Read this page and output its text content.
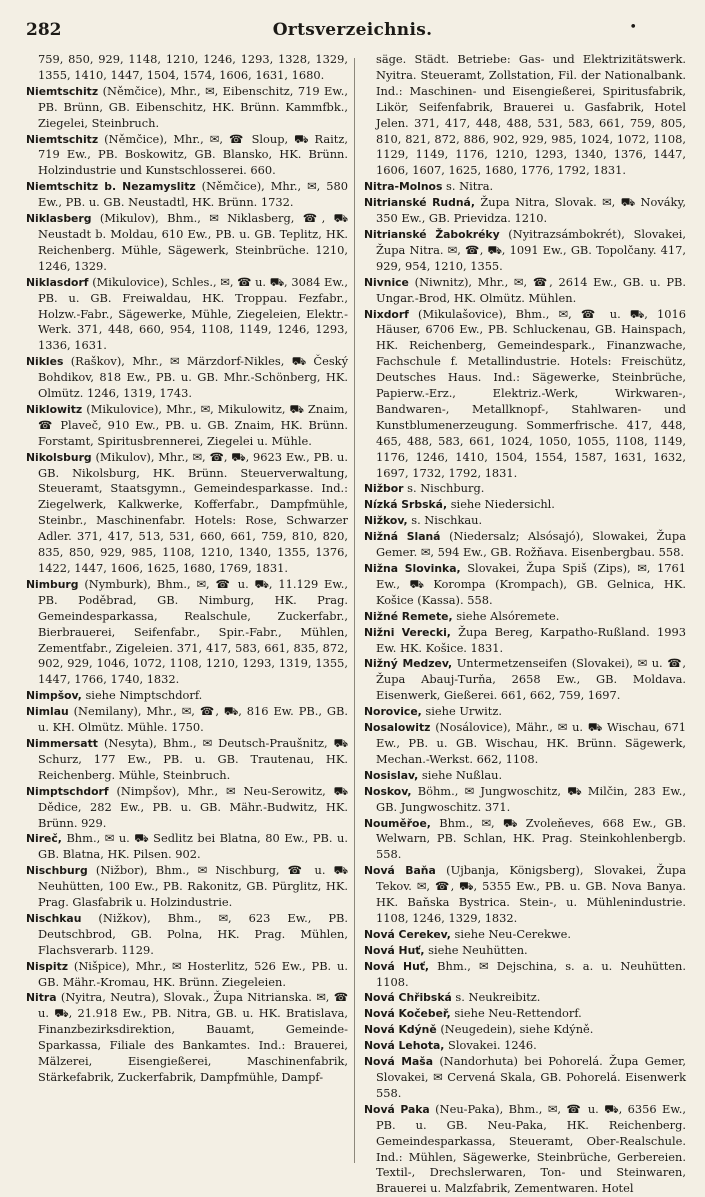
282	Ortsverzeichnis.	•

759, 850, 929, 1148, 1210, 1246, 1293, 1328, 1329, 1355, 1410, 1447, 1504, 1574, 1606, 1631, 1680.

Niemtschitz (Němčice), Mhr., ✉, Eibenschitz, 719 Ew., PB. Brünn, GB. Eibenschitz, HK. Brünn. Kammfbk., Ziegelei, Steinbruch.

Niemtschitz (Němčice), Mhr., ✉, ☎ Sloup, ⛟ Raitz, 719 Ew., PB. Boskowitz, GB. Blansko, HK. Brünn. Holzindustrie und Kunstschlosserei. 660.

Niemtschitz b. Nezamyslitz (Němčice), Mhr., ✉, 580 Ew., PB. u. GB. Neustadtl, HK. Brünn. 1732.

Niklasberg (Mikulov), Bhm., ✉ Niklasberg, ☎, ⛟ Neustadt b. Moldau, 610 Ew., PB. u. GB. Teplitz, HK. Reichenberg. Mühle, Sägewerk, Steinbrüche. 1210, 1246, 1329.

Niklasdorf (Mikulovice), Schles., ✉, ☎ u. ⛟, 3084 Ew., PB. u. GB. Freiwaldau, HK. Troppau. Fezfabr., Holzw.-Fabr., Sägewerke, Mühle, Ziegeleien, Elektr.-Werk. 371, 448, 660, 954, 1108, 1149, 1246, 1293, 1336, 1631.

Nikles (Raškov), Mhr., ✉ Märzdorf-Nikles, ⛟ Český Bohdikov, 818 Ew., PB. u. GB. Mhr.-Schönberg, HK. Olmütz. 1246, 1319, 1743.

Niklowitz (Mikulovice), Mhr., ✉, Mikulowitz, ⛟ Znaim, ☎ Plaveč, 910 Ew., PB. u. GB. Znaim, HK. Brünn. Forstamt, Spiritusbrennerei, Ziegelei u. Mühle.

Nikolsburg (Mikulov), Mhr., ✉, ☎, ⛟, 9623 Ew., PB. u. GB. Nikolsburg, HK. Brünn. Steuerverwaltung, Steueramt, Staatsgymn., Gemeindesparkasse. Ind.: Ziegelwerk, Kalkwerke, Kofferfabr., Dampfmühle, Steinbr., Maschinenfabr. Hotels: Rose, Schwarzer Adler. 371, 417, 513, 531, 660, 661, 759, 810, 820, 835, 850, 929, 985, 1108, 1210, 1340, 1355, 1376, 1422, 1447, 1606, 1625, 1680, 1769, 1831.

Nimburg (Nymburk), Bhm., ✉, ☎ u. ⛟, 11.129 Ew., PB. Poděbrad, GB. Nimburg, HK. Prag. Gemeindesparkassa, Realschule, Zuckerfabr., Bierbrauerei, Seifenfabr., Spir.-Fabr., Mühlen, Zementfabr., Zigeleien. 371, 417, 583, 661, 835, 872, 902, 929, 1046, 1072, 1108, 1210, 1293, 1319, 1355, 1447, 1766, 1740, 1832.

Nimpšov, siehe Nimptschdorf.

Nimlau (Nemilany), Mhr., ✉, ☎, ⛟, 816 Ew. PB., GB. u. KH. Olmütz. Mühle. 1750.

Nimmersatt (Nesyta), Bhm., ✉ Deutsch-Praušnitz, ⛟ Schurz, 177 Ew., PB. u. GB. Trautenau, HK. Reichenberg. Mühle, Steinbruch.

Nimptschdorf (Nimpšov), Mhr., ✉ Neu-Serowitz, ⛟ Dědice, 282 Ew., PB. u. GB. Mähr.-Budwitz, HK. Brünn. 929.

Nireč, Bhm., ✉ u. ⛟ Sedlitz bei Blatna, 80 Ew., PB. u. GB. Blatna, HK. Pilsen. 902.

Nischburg (Nižbor), Bhm., ✉ Nischburg, ☎ u. ⛟ Neuhütten, 100 Ew., PB. Rakonitz, GB. Pürglitz, HK. Prag. Glasfabrik u. Holzindustrie.

Nischkau (Nižkov), Bhm., ✉, 623 Ew., PB. Deutschbrod, GB. Polna, HK. Prag. Mühlen, Flachsverarb. 1129.

Nispitz (Nišpice), Mhr., ✉ Hosterlitz, 526 Ew., PB. u. GB. Mähr.-Kromau, HK. Brünn. Ziegeleien.

Nitra (Nyitra, Neutra), Slovak., Župa Nitrianska. ✉, ☎ u. ⛟, 21.918 Ew., PB. Nitra, GB. u. HK. Bratislava, Finanzbezirksdirektion, Bauamt, Gemeinde-Sparkassa, Filiale des Bankamtes. Ind.: Brauerei, Mälzerei, Eisengießerei, Maschinenfabrik, Stärkefabrik, Zuckerfabrik, Dampfmühle, Dampf-

säge. Städt. Betriebe: Gas- und Elektrizitätswerk. Nyitra. Steueramt, Zollstation, Fil. der Nationalbank. Ind.: Maschinen- und Eisengießerei, Spiritusfabrik, Likör, Seifenfabrik, Brauerei u. Gasfabrik, Hotel Jelen. 371, 417, 448, 488, 531, 583, 661, 759, 805, 810, 821, 872, 886, 902, 929, 985, 1024, 1072, 1108, 1129, 1149, 1176, 1210, 1293, 1340, 1376, 1447, 1606, 1607, 1625, 1680, 1776, 1792, 1831.

Nitra-Molnos s. Nitra.

Nitrianské Rudná, Župa Nitra, Slovak. ✉, ⛟ Nováky, 350 Ew., GB. Prievidza. 1210.

Nitrianské Žabokréky (Nyitrazsámbokrét), Slovakei, Župa Nitra. ✉, ☎, ⛟, 1091 Ew., GB. Topolčany. 417, 929, 954, 1210, 1355.

Nivnice (Niwnitz), Mhr., ✉, ☎, 2614 Ew., GB. u. PB. Ungar.-Brod, HK. Olmütz. Mühlen.

Nixdorf (Mikulašovice), Bhm., ✉, ☎ u. ⛟, 1016 Häuser, 6706 Ew., PB. Schluckenau, GB. Hainspach, HK. Reichenberg, Gemeindespark., Finanzwache, Fachschule f. Metallindustrie. Hotels: Freischütz, Deutsches Haus. Ind.: Sägewerke, Steinbrüche, Papierw.-Erz., Elektriz.-Werk, Wirkwaren-, Bandwaren-, Metallknopf-, Stahlwaren- und Kunstblumenerzeugung. Sommerfrische. 417, 448, 465, 488, 583, 661, 1024, 1050, 1055, 1108, 1149, 1176, 1246, 1410, 1504, 1554, 1587, 1631, 1632, 1697, 1732, 1792, 1831.

Nižbor s. Nischburg.

Nízká Srbská, siehe Niedersichl.

Nižkov, s. Nischkau.

Nižná Slaná (Niedersalz; Alsósajó), Slowakei, Župa Gemer. ✉, 594 Ew., GB. Rožňava. Eisenbergbau. 558.

Nižna Slovinka, Slovakei, Župa Spiš (Zips), ✉, 1761 Ew., ⛟ Korompa (Krompach), GB. Gelnica, HK. Košice (Kassa). 558.

Nižné Remete, siehe Alsóremete.

Nižni Verecki, Župa Bereg, Karpatho-Rußland. 1993 Ew. HK. Košice. 1831.

Nižný Medzev, Untermetzenseifen (Slovakei), ✉ u. ☎, Župa Abauj-Turňa, 2658 Ew., GB. Moldava. Eisenwerk, Gießerei. 661, 662, 759, 1697.

Norovice, siehe Urwitz.

Nosalowitz (Nosálovice), Mähr., ✉ u. ⛟ Wischau, 671 Ew., PB. u. GB. Wischau, HK. Brünn. Sägewerk, Mechan.-Werkst. 662, 1108.

Nosislav, siehe Nußlau.

Noskov, Böhm., ✉ Jungwoschitz, ⛟ Milčin, 283 Ew., GB. Jungwoschitz. 371.

Nouměřoe, Bhm., ✉, ⛟ Zvoleňeves, 668 Ew., GB. Welwarn, PB. Schlan, HK. Prag. Steinkohlenbergb. 558.

Nová Baňa (Ujbanja, Königsberg), Slovakei, Župa Tekov. ✉, ☎, ⛟, 5355 Ew., PB. u. GB. Nova Banya. HK. Baňska Bystrica. Stein-, u. Mühlenindustrie. 1108, 1246, 1329, 1832.

Nová Cerekev, siehe Neu-Cerekwe.

Nová Huť, siehe Neuhütten.

Nová Huť, Bhm., ✉ Dejschina, s. a. u. Neuhütten. 1108.

Nová Chřibská s. Neukreibitz.

Nová Kočebeř, siehe Neu-Rettendorf.

Nová Kdýně (Neugedein), siehe Kdýně.

Nová Lehota, Slovakei. 1246.

Nová Maša (Nandorhuta) bei Pohorelá. Župa Gemer, Slovakei, ✉ Cervená Skala, GB. Pohorelá. Eisenwerk 558.

Nová Paka (Neu-Paka), Bhm., ✉, ☎ u. ⛟, 6356 Ew., PB. u. GB. Neu-Paka, HK. Reichenberg. Gemeindesparkassa, Steueramt, Ober-Realschule. Ind.: Mühlen, Sägewerke, Steinbrüche, Gerbereien. Textil-, Drechslerwaren, Ton- und Steinwaren, Brauerei u. Malzfabrik, Zementwaren. Hotel
